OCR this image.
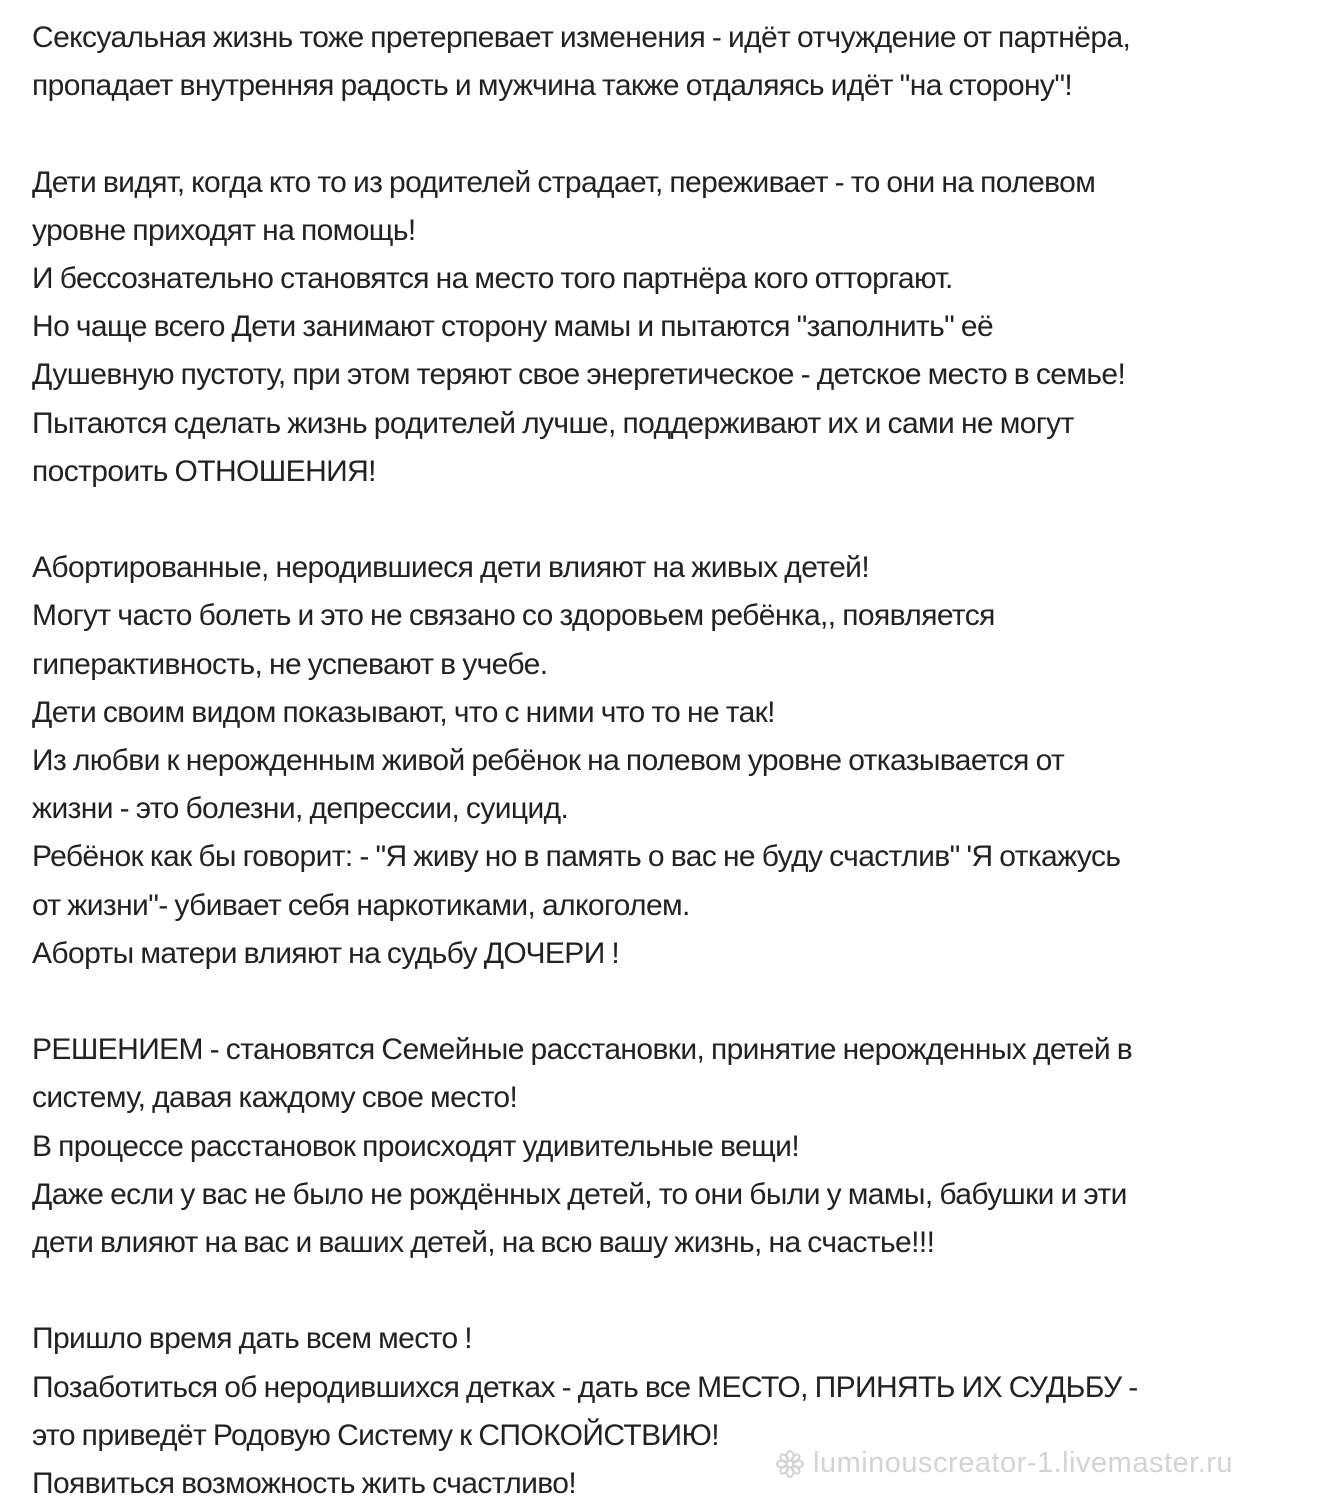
Сексуальная жизнь тоже претерпевает изменения - идёт отчуждение от партнёра,
пропадает внутренняя радость и мужчина также отдаляясь идёт "на сторону"!
Дети видят, когда кто то из родителей страдает, переживает - то они на полевом
уровне приходят на помощь!
И бессознательно становятся на место того партнёра кого отторгают.
Но чаще всего Дети занимают сторону мамы и пытаются "заполнить" её
Душевную пустоту, при этом теряют свое энергетическое - детское место в семье!
Пытаются сделать жизнь родителей лучше, поддерживают их и сами не могут
построить ОТНОШЕНИЯ!
Абортированные, неродившиеся дети влияют на живых детей!
Могут часто болеть и это не связано со здоровьем ребёнка,, появляется
гиперактивность, не успевают в учебе.
Дети своим видом показывают, что с ними что то не так!
Из любви к нерожденным живой ребёнок на полевом уровне отказывается от
жизни - это болезни, депрессии, суицид.
Ребёнок как бы говорит: - "Я живу но в память о вас не буду счастлив" 'Я откажусь
от жизни"- убивает себя наркотиками, алкоголем.
Аборты матери влияют на судьбу ДОЧЕРИ !
РЕШЕНИЕМ - становятся Семейные расстановки, принятие нерожденных детей в
систему, давая каждому свое место!
В процессе расстановок происходят удивительные вещи!
Даже если у вас не было не рождённых детей, то они были у мамы, бабушки и эти
дети влияют на вас и ваших детей, на всю вашу жизнь, на счастье!!!
Пришло время дать всем место !
Позаботиться об неродившихся детках - дать все МЕСТО, ПРИНЯТЬ ИХ СУДЬБУ -
это приведёт Родовую Систему к СПОКОЙСТВИЮ!
Появиться возможность жить счастливо!
luminouscreator-1.livemaster.ru
